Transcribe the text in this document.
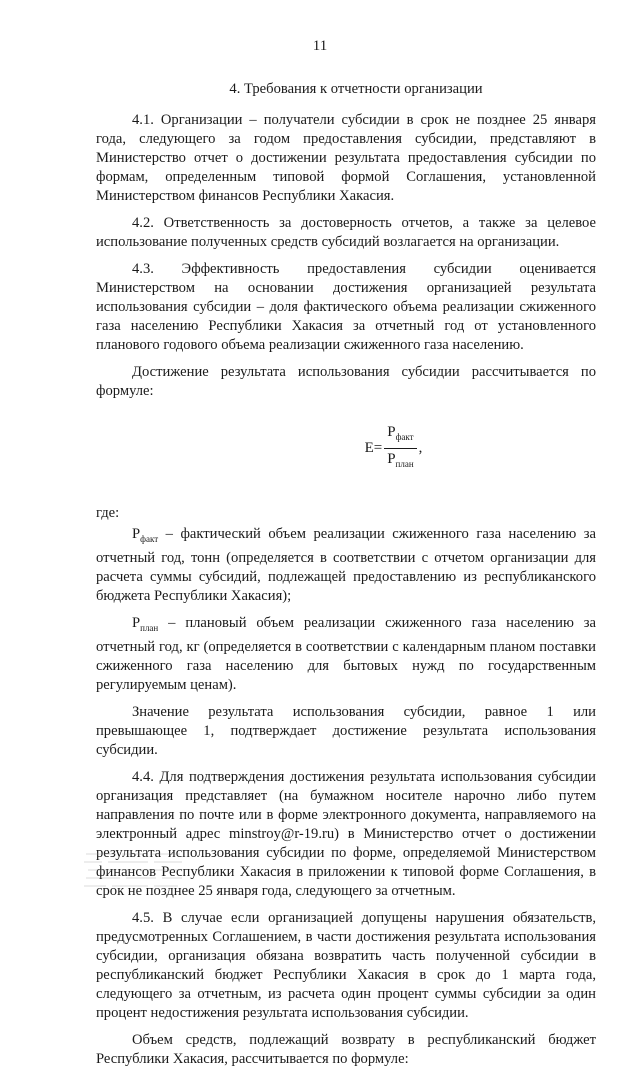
11
4. Требования к отчетности организации

4.1. Организации – получатели субсидии в срок не позднее 25 января года, следующего за годом предоставления субсидии, представляют в Министерство отчет о достижении результата предоставления субсидии по формам, определенным типовой формой Соглашения, установленной Министерством финансов Республики Хакасия.

4.2. Ответственность за достоверность отчетов, а также за целевое использование полученных средств субсидий возлагается на организации.

4.3. Эффективность предоставления субсидии оценивается Министерством на основании достижения организацией результата использования субсидии – доля фактического объема реализации сжиженного газа населению Республики Хакасия за отчетный год от установленного планового годового объема реализации сжиженного газа населению.

Достижение результата использования субсидии рассчитывается по формуле:

$E = \frac{P_{факт}}{P_{план}}$ ,

где:

$P_{факт}$ – фактический объем реализации сжиженного газа населению за отчетный год, тонн (определяется в соответствии с отчетом организации для расчета суммы субсидий, подлежащей предоставлению из республиканского бюджета Республики Хакасия);

$P_{план}$ – плановый объем реализации сжиженного газа населению за отчетный год, кг (определяется в соответствии с календарным планом поставки сжиженного газа населению для бытовых нужд по государственным регулируемым ценам).

Значение результата использования субсидии, равное 1 или превышающее 1, подтверждает достижение результата использования субсидии.

4.4. Для подтверждения достижения результата использования субсидии организация представляет (на бумажном носителе нарочно либо путем направления по почте или в форме электронного документа, направляемого на электронный адрес minstroy@r-19.ru) в Министерство отчет о достижении результата использования субсидии по форме, определяемой Министерством финансов Республики Хакасия в приложении к типовой форме Соглашения, в срок не позднее 25 января года, следующего за отчетным.

4.5. В случае если организацией допущены нарушения обязательств, предусмотренных Соглашением, в части достижения результата использования субсидии, организация обязана возвратить часть полученной субсидии в республиканский бюджет Республики Хакасия в срок до 1 марта года, следующего за отчетным, из расчета один процент суммы субсидии за один процент недостижения результата использования субсидии.

Объем средств, подлежащий возврату в республиканский бюджет Республики Хакасия, рассчитывается по формуле:
